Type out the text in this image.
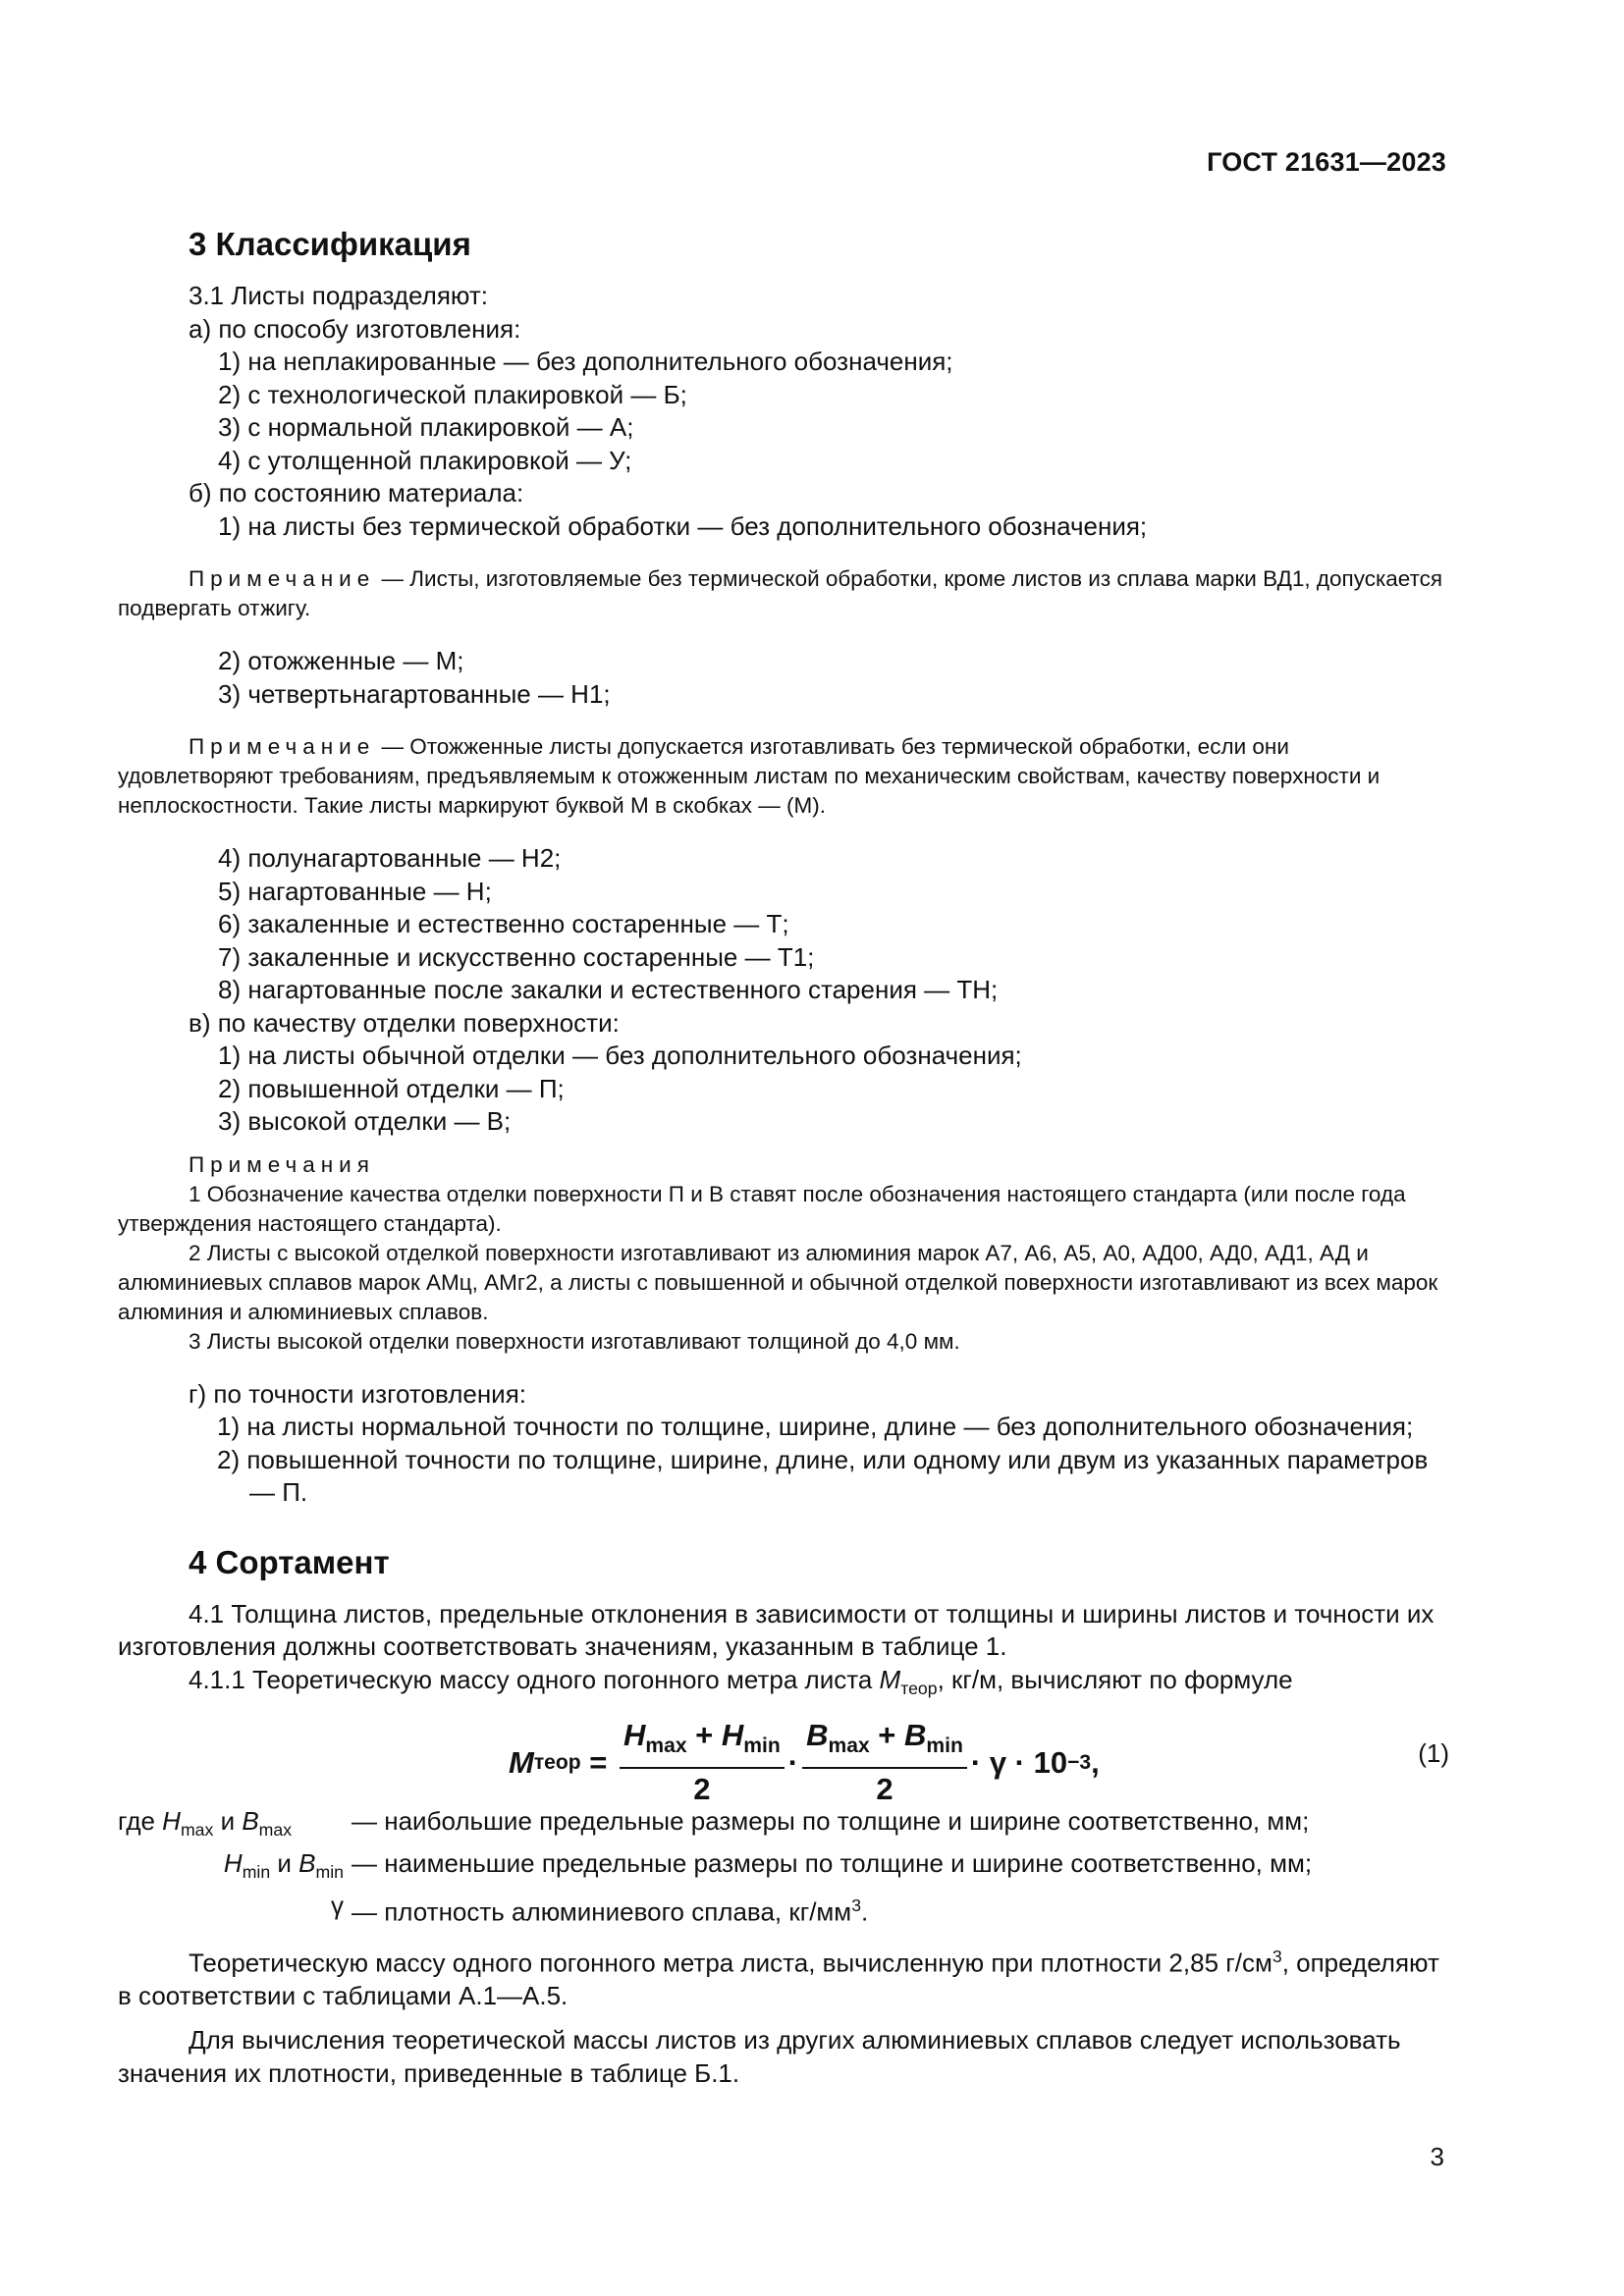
ГОСТ 21631—2023
3 Классификация

3.1 Листы подразделяют:

а) по способу изготовления:

1) на неплакированные — без дополнительного обозначения;

2) с технологической плакировкой — Б;

3) с нормальной плакировкой — А;

4) с утолщенной плакировкой — У;

б) по состоянию материала:

1) на листы без термической обработки — без дополнительного обозначения;

Примечание — Листы, изготовляемые без термической обработки, кроме листов из сплава марки ВД1, допускается подвергать отжигу.

2) отожженные — М;

3) четвертьнагартованные — Н1;

Примечание — Отожженные листы допускается изготавливать без термической обработки, если они удовлетворяют требованиям, предъявляемым к отожженным листам по механическим свойствам, качеству поверхности и неплоскостности. Такие листы маркируют буквой М в скобках — (М).

4) полунагартованные — Н2;

5) нагартованные — Н;

6) закаленные и естественно состаренные — Т;

7) закаленные и искусственно состаренные — Т1;

8) нагартованные после закалки и естественного старения — ТН;

в) по качеству отделки поверхности:

1) на листы обычной отделки — без дополнительного обозначения;

2) повышенной отделки — П;

3) высокой отделки — В;

Примечания

1 Обозначение качества отделки поверхности П и В ставят после обозначения настоящего стандарта (или после года утверждения настоящего стандарта).

2 Листы с высокой отделкой поверхности изготавливают из алюминия марок А7, А6, А5, А0, АД00, АД0, АД1, АД и алюминиевых сплавов марок АМц, АМг2, а листы с повышенной и обычной отделкой поверхности изготавливают из всех марок алюминия и алюминиевых сплавов.

3 Листы высокой отделки поверхности изготавливают толщиной до 4,0 мм.

г) по точности изготовления:

1) на листы нормальной точности по толщине, ширине, длине — без дополнительного обозначения;

2) повышенной точности по толщине, ширине, длине, или одному или двум из указанных параметров — П.

4 Сортамент

4.1 Толщина листов, предельные отклонения в зависимости от толщины и ширины листов и точности их изготовления должны соответствовать значениям, указанным в таблице 1.

4.1.1 Теоретическую массу одного погонного метра листа $M_{теор}$, кг/м, вычисляют по формуле

M теор = $\frac{H_{max} + H_{min}}{2} \cdot \frac{B_{max} + B_{min}}{2} \cdot \gamma \cdot 10 -3$ ,	(1)
где $H_{max}$ и $B_{max}$	— наибольшие предельные размеры по толщине и ширине соответственно, мм;
$H_{min}$ и $B_{min}$ — наименьшие предельные размеры по толщине и ширине соответственно, мм;
γ — плотность алюминиевого сплава, $кг/мм^3$.

Теоретическую массу одного погонного метра листа, вычисленную при плотности 2,85 $г/см^3$, определяют в соответствии с таблицами А.1—А.5.

Для вычисления теоретической массы листов из других алюминиевых сплавов следует использовать значения их плотности, приведенные в таблице Б.1.

3
